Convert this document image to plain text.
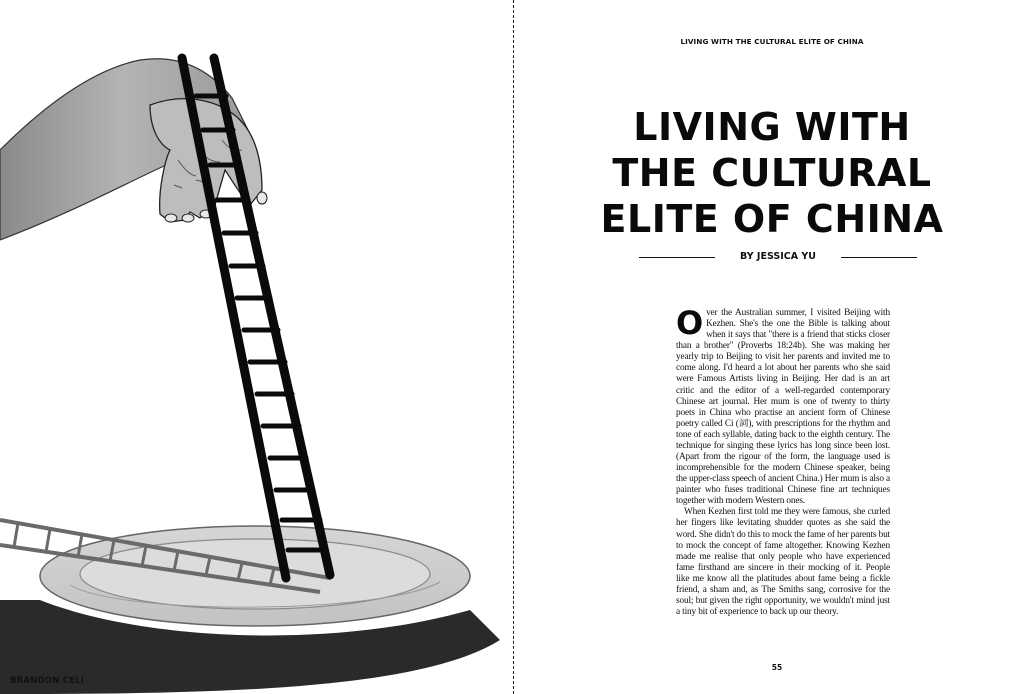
BRANDON CELI
LIVING WITH THE CULTURAL ELITE OF CHINA
LIVING WITH
THE CULTURAL
ELITE OF CHINA
BY JESSICA YU

Over the Australian summer, I visited Beijing with Kezhen. She's the one the Bible is talking about when it says that "there is a friend that sticks closer than a brother" (Proverbs 18:24b). She was making her yearly trip to Beijing to visit her parents and invited me to come along. I'd heard a lot about her parents who she said were Famous Artists living in Beijing. Her dad is an art critic and the editor of a well-regarded contemporary Chinese art journal. Her mum is one of twenty to thirty poets in China who practise an ancient form of Chinese poetry called Ci (詞), with prescriptions for the rhythm and tone of each syllable, dating back to the eighth century. The technique for singing these lyrics has long since been lost. (Apart from the rigour of the form, the language used is incomprehensible for the modern Chinese speaker, being the upper-class speech of ancient China.) Her mum is also a painter who fuses traditional Chinese fine art techniques together with modern Western ones.

When Kezhen first told me they were famous, she curled her fingers like levitating shudder quotes as she said the word. She didn't do this to mock the fame of her parents but to mock the concept of fame altogether. Knowing Kezhen made me realise that only people who have experienced fame firsthand are sincere in their mocking of it. People like me know all the platitudes about fame being a fickle friend, a sham and, as The Smiths sang, corrosive for the soul; but given the right opportunity, we wouldn't mind just a tiny bit of experience to back up our theory.

55
